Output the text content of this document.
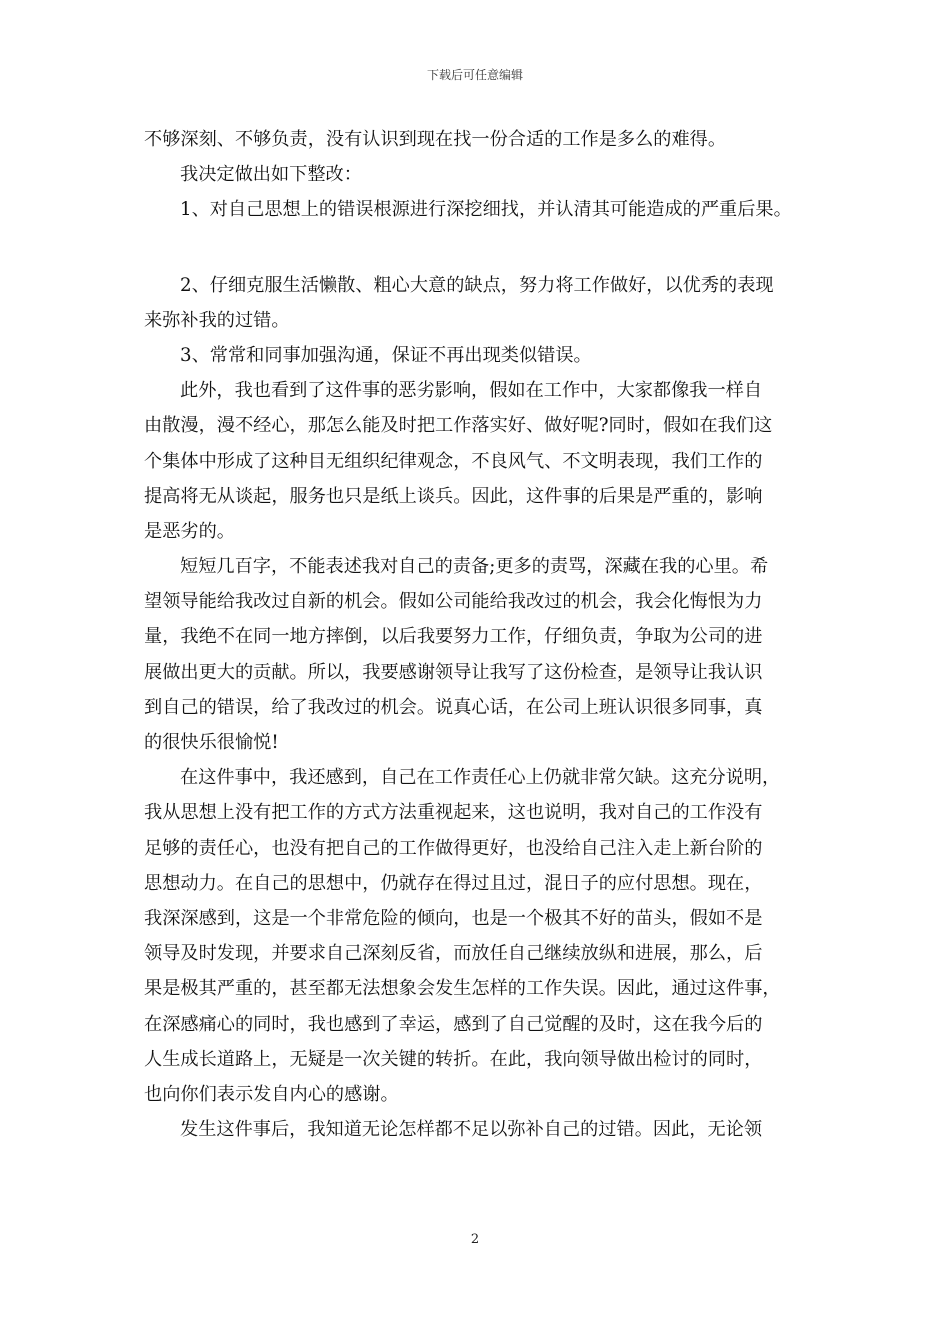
下载后可任意编辑
不够深刻、不够负责，没有认识到现在找一份合适的工作是多么的难得。
我决定做出如下整改：
1、对自己思想上的错误根源进行深挖细找，并认清其可能造成的严重后果。
2、仔细克服生活懒散、粗心大意的缺点，努力将工作做好，以优秀的表现
来弥补我的过错。
3、常常和同事加强沟通，保证不再出现类似错误。
此外，我也看到了这件事的恶劣影响，假如在工作中，大家都像我一样自
由散漫，漫不经心，那怎么能及时把工作落实好、做好呢?同时，假如在我们这
个集体中形成了这种目无组织纪律观念，不良风气、不文明表现，我们工作的
提高将无从谈起，服务也只是纸上谈兵。因此，这件事的后果是严重的，影响
是恶劣的。
短短几百字，不能表述我对自己的责备;更多的责骂，深藏在我的心里。希
望领导能给我改过自新的机会。假如公司能给我改过的机会，我会化悔恨为力
量，我绝不在同一地方摔倒，以后我要努力工作，仔细负责，争取为公司的进
展做出更大的贡献。所以，我要感谢领导让我写了这份检查，是领导让我认识
到自己的错误，给了我改过的机会。说真心话，在公司上班认识很多同事，真
的很快乐很愉悦!
在这件事中，我还感到，自己在工作责任心上仍就非常欠缺。这充分说明，
我从思想上没有把工作的方式方法重视起来，这也说明，我对自己的工作没有
足够的责任心，也没有把自己的工作做得更好，也没给自己注入走上新台阶的
思想动力。在自己的思想中，仍就存在得过且过，混日子的应付思想。现在，
我深深感到，这是一个非常危险的倾向，也是一个极其不好的苗头，假如不是
领导及时发现，并要求自己深刻反省，而放任自己继续放纵和进展，那么，后
果是极其严重的，甚至都无法想象会发生怎样的工作失误。因此，通过这件事，
在深感痛心的同时，我也感到了幸运，感到了自己觉醒的及时，这在我今后的
人生成长道路上，无疑是一次关键的转折。在此，我向领导做出检讨的同时，
也向你们表示发自内心的感谢。
发生这件事后，我知道无论怎样都不足以弥补自己的过错。因此，无论领
2
